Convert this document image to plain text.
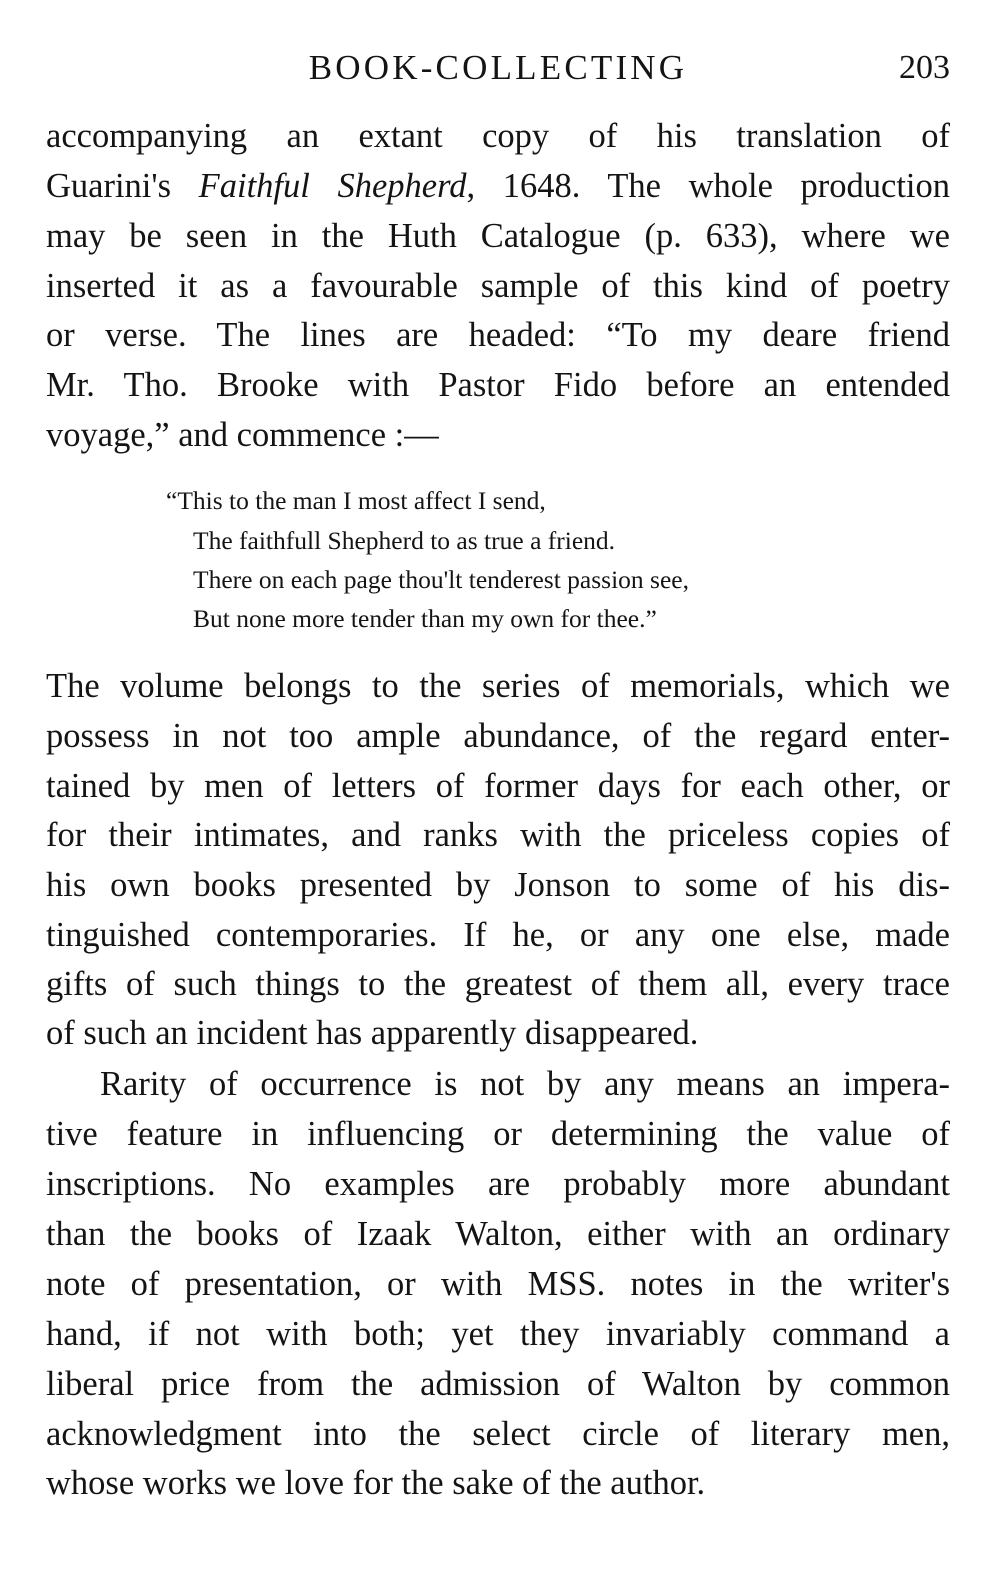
BOOK-COLLECTING	203
accompanying an extant copy of his translation of
Guarini's Faithful Shepherd, 1648. The whole production
may be seen in the Huth Catalogue (p. 633), where we
inserted it as a favourable sample of this kind of poetry
or verse. The lines are headed: “To my deare friend
Mr. Tho. Brooke with Pastor Fido before an entended
voyage,” and commence :—
“This to the man I most affect I send,
The faithfull Shepherd to as true a friend.
There on each page thou'lt tenderest passion see,
But none more tender than my own for thee.”
The volume belongs to the series of memorials, which we
possess in not too ample abundance, of the regard enter-
tained by men of letters of former days for each other, or
for their intimates, and ranks with the priceless copies of
his own books presented by Jonson to some of his dis-
tinguished contemporaries. If he, or any one else, made
gifts of such things to the greatest of them all, every trace
of such an incident has apparently disappeared.
Rarity of occurrence is not by any means an impera-
tive feature in influencing or determining the value of
inscriptions. No examples are probably more abundant
than the books of Izaak Walton, either with an ordinary
note of presentation, or with MSS. notes in the writer's
hand, if not with both; yet they invariably command a
liberal price from the admission of Walton by common
acknowledgment into the select circle of literary men,
whose works we love for the sake of the author.
